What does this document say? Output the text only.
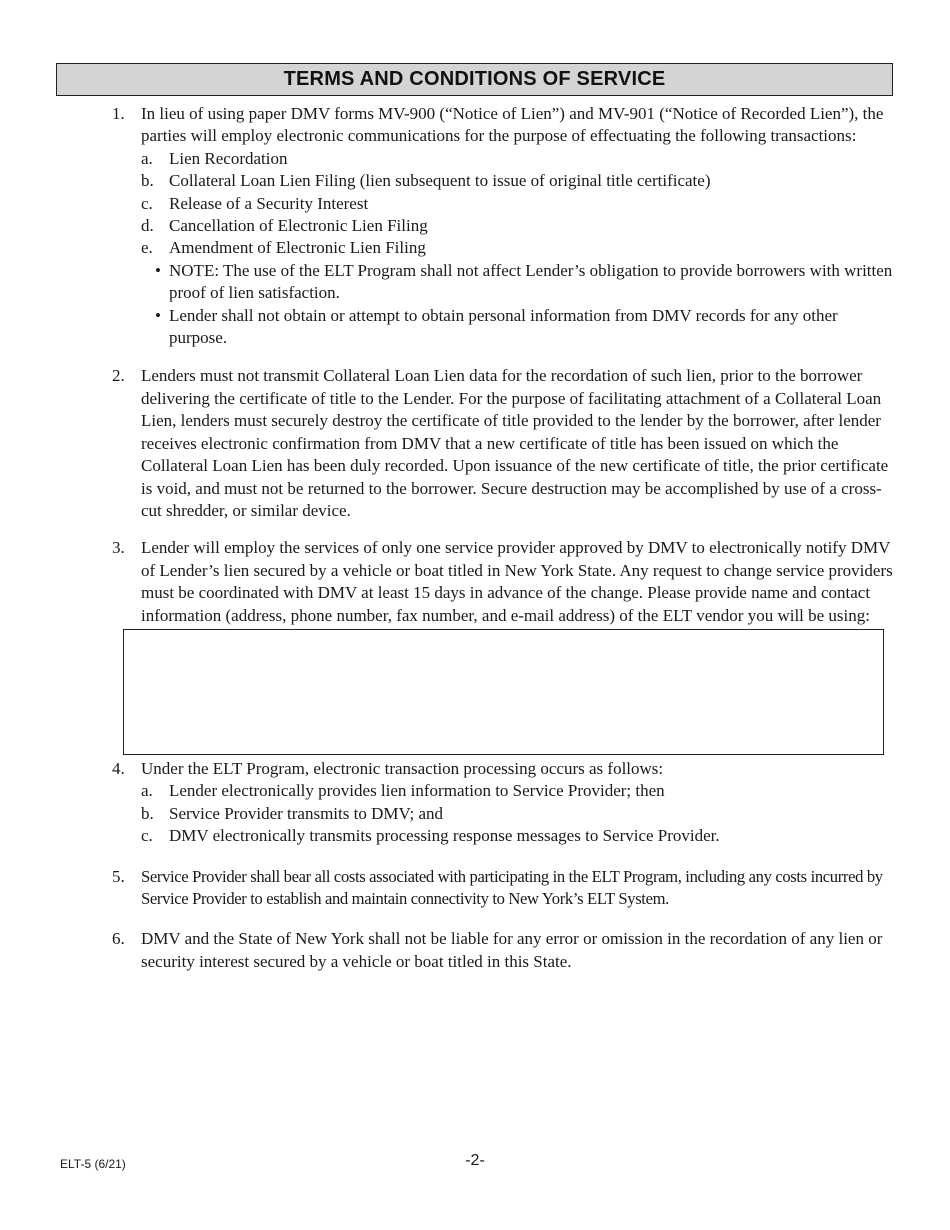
TERMS AND CONDITIONS OF SERVICE
1. In lieu of using paper DMV forms MV-900 (“Notice of Lien”) and MV-901 (“Notice of Recorded Lien”), the parties will employ electronic communications for the purpose of effectuating the following transactions:
a. Lien Recordation
b. Collateral Loan Lien Filing (lien subsequent to issue of original title certificate)
c. Release of a Security Interest
d. Cancellation of Electronic Lien Filing
e. Amendment of Electronic Lien Filing
• NOTE: The use of the ELT Program shall not affect Lender’s obligation to provide borrowers with written proof of lien satisfaction.
• Lender shall not obtain or attempt to obtain personal information from DMV records for any other purpose.
2. Lenders must not transmit Collateral Loan Lien data for the recordation of such lien, prior to the borrower delivering the certificate of title to the Lender. For the purpose of facilitating attachment of a Collateral Loan Lien, lenders must securely destroy the certificate of title provided to the lender by the borrower, after lender receives electronic confirmation from DMV that a new certificate of title has been issued on which the Collateral Loan Lien has been duly recorded. Upon issuance of the new certificate of title, the prior certificate is void, and must not be returned to the borrower. Secure destruction may be accomplished by use of a cross-cut shredder, or similar device.
3. Lender will employ the services of only one service provider approved by DMV to electronically notify DMV of Lender’s lien secured by a vehicle or boat titled in New York State. Any request to change service providers must be coordinated with DMV at least 15 days in advance of the change. Please provide name and contact information (address, phone number, fax number, and e-mail address) of the ELT vendor you will be using:
4. Under the ELT Program, electronic transaction processing occurs as follows:
a. Lender electronically provides lien information to Service Provider; then
b. Service Provider transmits to DMV; and
c. DMV electronically transmits processing response messages to Service Provider.
5. Service Provider shall bear all costs associated with participating in the ELT Program, including any costs incurred by Service Provider to establish and maintain connectivity to New York’s ELT System.
6. DMV and the State of New York shall not be liable for any error or omission in the recordation of any lien or security interest secured by a vehicle or boat titled in this State.
ELT-5 (6/21)	-2-
